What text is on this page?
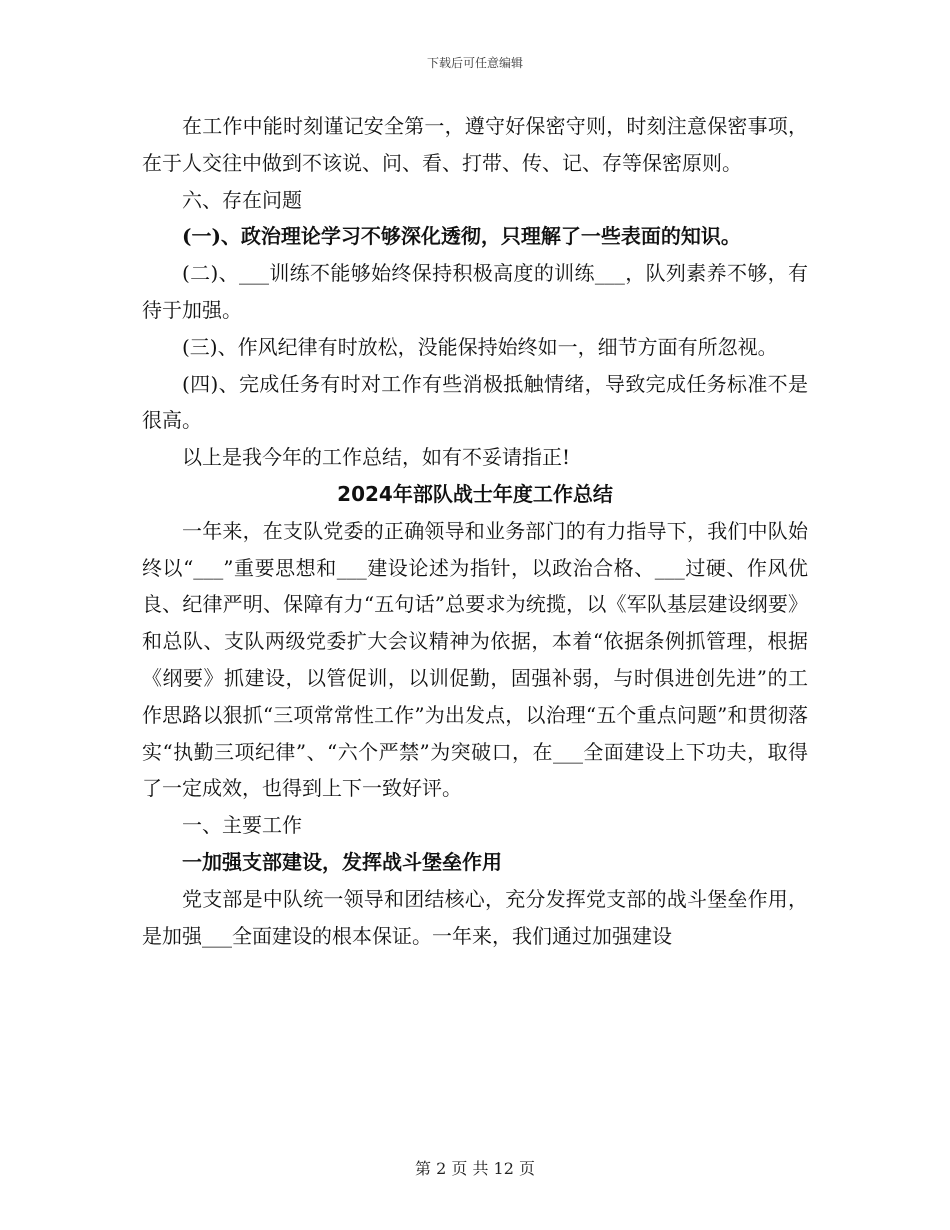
下载后可任意编辑

在工作中能时刻谨记安全第一，遵守好保密守则，时刻注意保密事项，在于人交往中做到不该说、问、看、打带、传、记、存等保密原则。

六、存在问题

(一)、政治理论学习不够深化透彻，只理解了一些表面的知识。

(二)、___训练不能够始终保持积极高度的训练___，队列素养不够，有待于加强。

(三)、作风纪律有时放松，没能保持始终如一，细节方面有所忽视。

(四)、完成任务有时对工作有些消极抵触情绪，导致完成任务标准不是很高。

以上是我今年的工作总结，如有不妥请指正!

2024年部队战士年度工作总结

一年来，在支队党委的正确领导和业务部门的有力指导下，我们中队始终以“___”重要思想和___建设论述为指针，以政治合格、___过硬、作风优良、纪律严明、保障有力“五句话”总要求为统揽，以《军队基层建设纲要》和总队、支队两级党委扩大会议精神为依据，本着“依据条例抓管理，根据《纲要》抓建设，以管促训，以训促勤，固强补弱，与时俱进创先进”的工作思路以狠抓“三项常常性工作”为出发点，以治理“五个重点问题”和贯彻落实“执勤三项纪律”、“六个严禁”为突破口，在___全面建设上下功夫，取得了一定成效，也得到上下一致好评。

一、主要工作

一加强支部建设，发挥战斗堡垒作用

党支部是中队统一领导和团结核心，充分发挥党支部的战斗堡垒作用，是加强___全面建设的根本保证。一年来，我们通过加强建设

第 2 页 共 12 页
